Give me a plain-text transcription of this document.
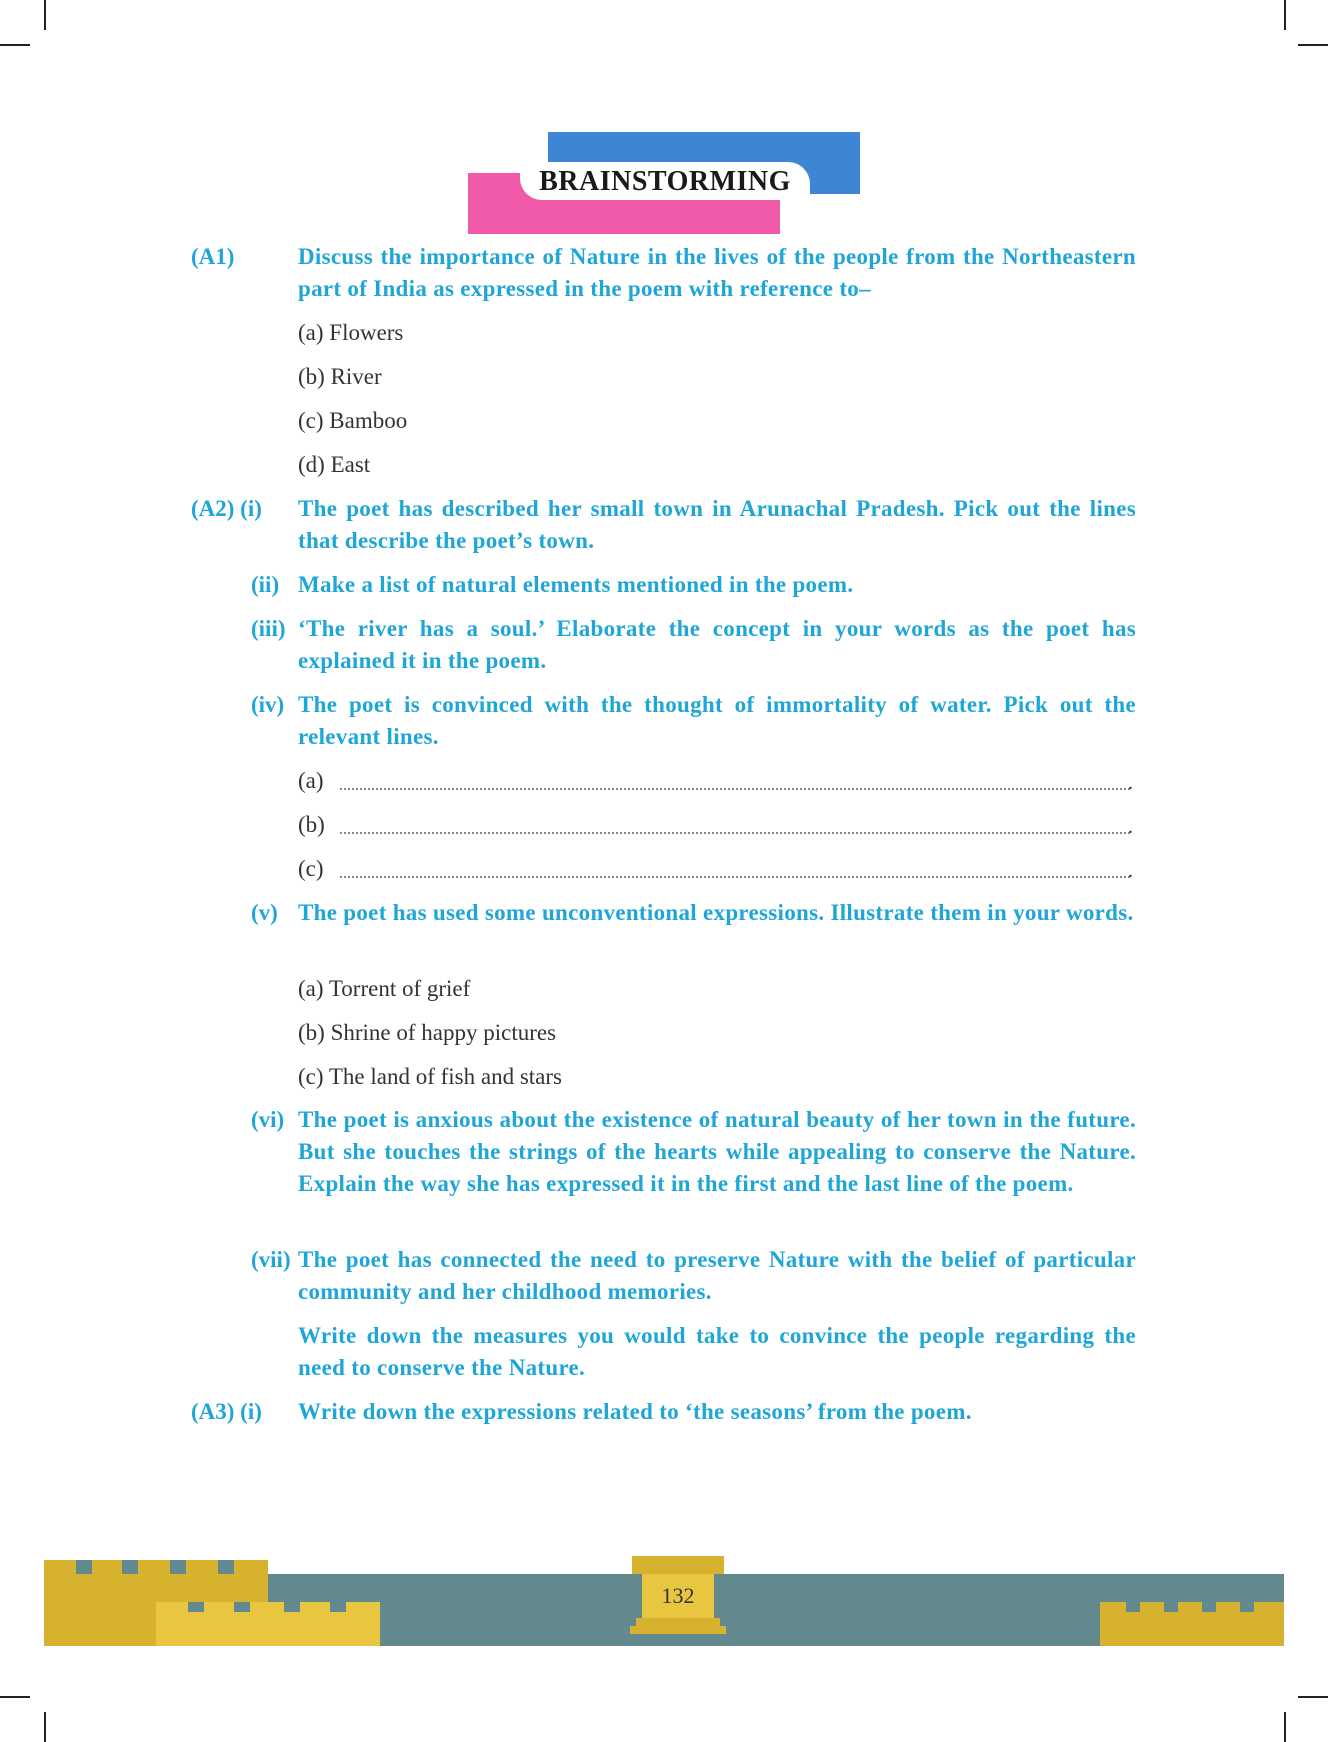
BRAINSTORMING
(A1)	Discuss the importance of Nature in the lives of the people from the Northeastern part of India as expressed in the poem with reference to–

(a) Flowers
(b) River
(c) Bamboo
(d) East
(A2) (i) The poet has described her small town in Arunachal Pradesh. Pick out the lines that describe the poet’s town.

(ii) Make a list of natural elements mentioned in the poem.

(iii) ‘The river has a soul.’ Elaborate the concept in your words as the poet has explained it in the poem.

(iv) The poet is convinced with the thought of immortality of water. Pick out the relevant lines.

(a)	.
(b)	.
(c)	.
(v) The poet has used some unconventional expressions. Illustrate them in your words.

(a) Torrent of grief
(b) Shrine of happy pictures
(c) The land of fish and stars
(vi) The poet is anxious about the existence of natural beauty of her town in the future. But she touches the strings of the hearts while appealing to conserve the Nature. Explain the way she has expressed it in the first and the last line of the poem.

(vii) The poet has connected the need to preserve Nature with the belief of particular community and her childhood memories.

Write down the measures you would take to convince the people regarding the need to conserve the Nature.

(A3) (i) Write down the expressions related to ‘the seasons’ from the poem.

132
